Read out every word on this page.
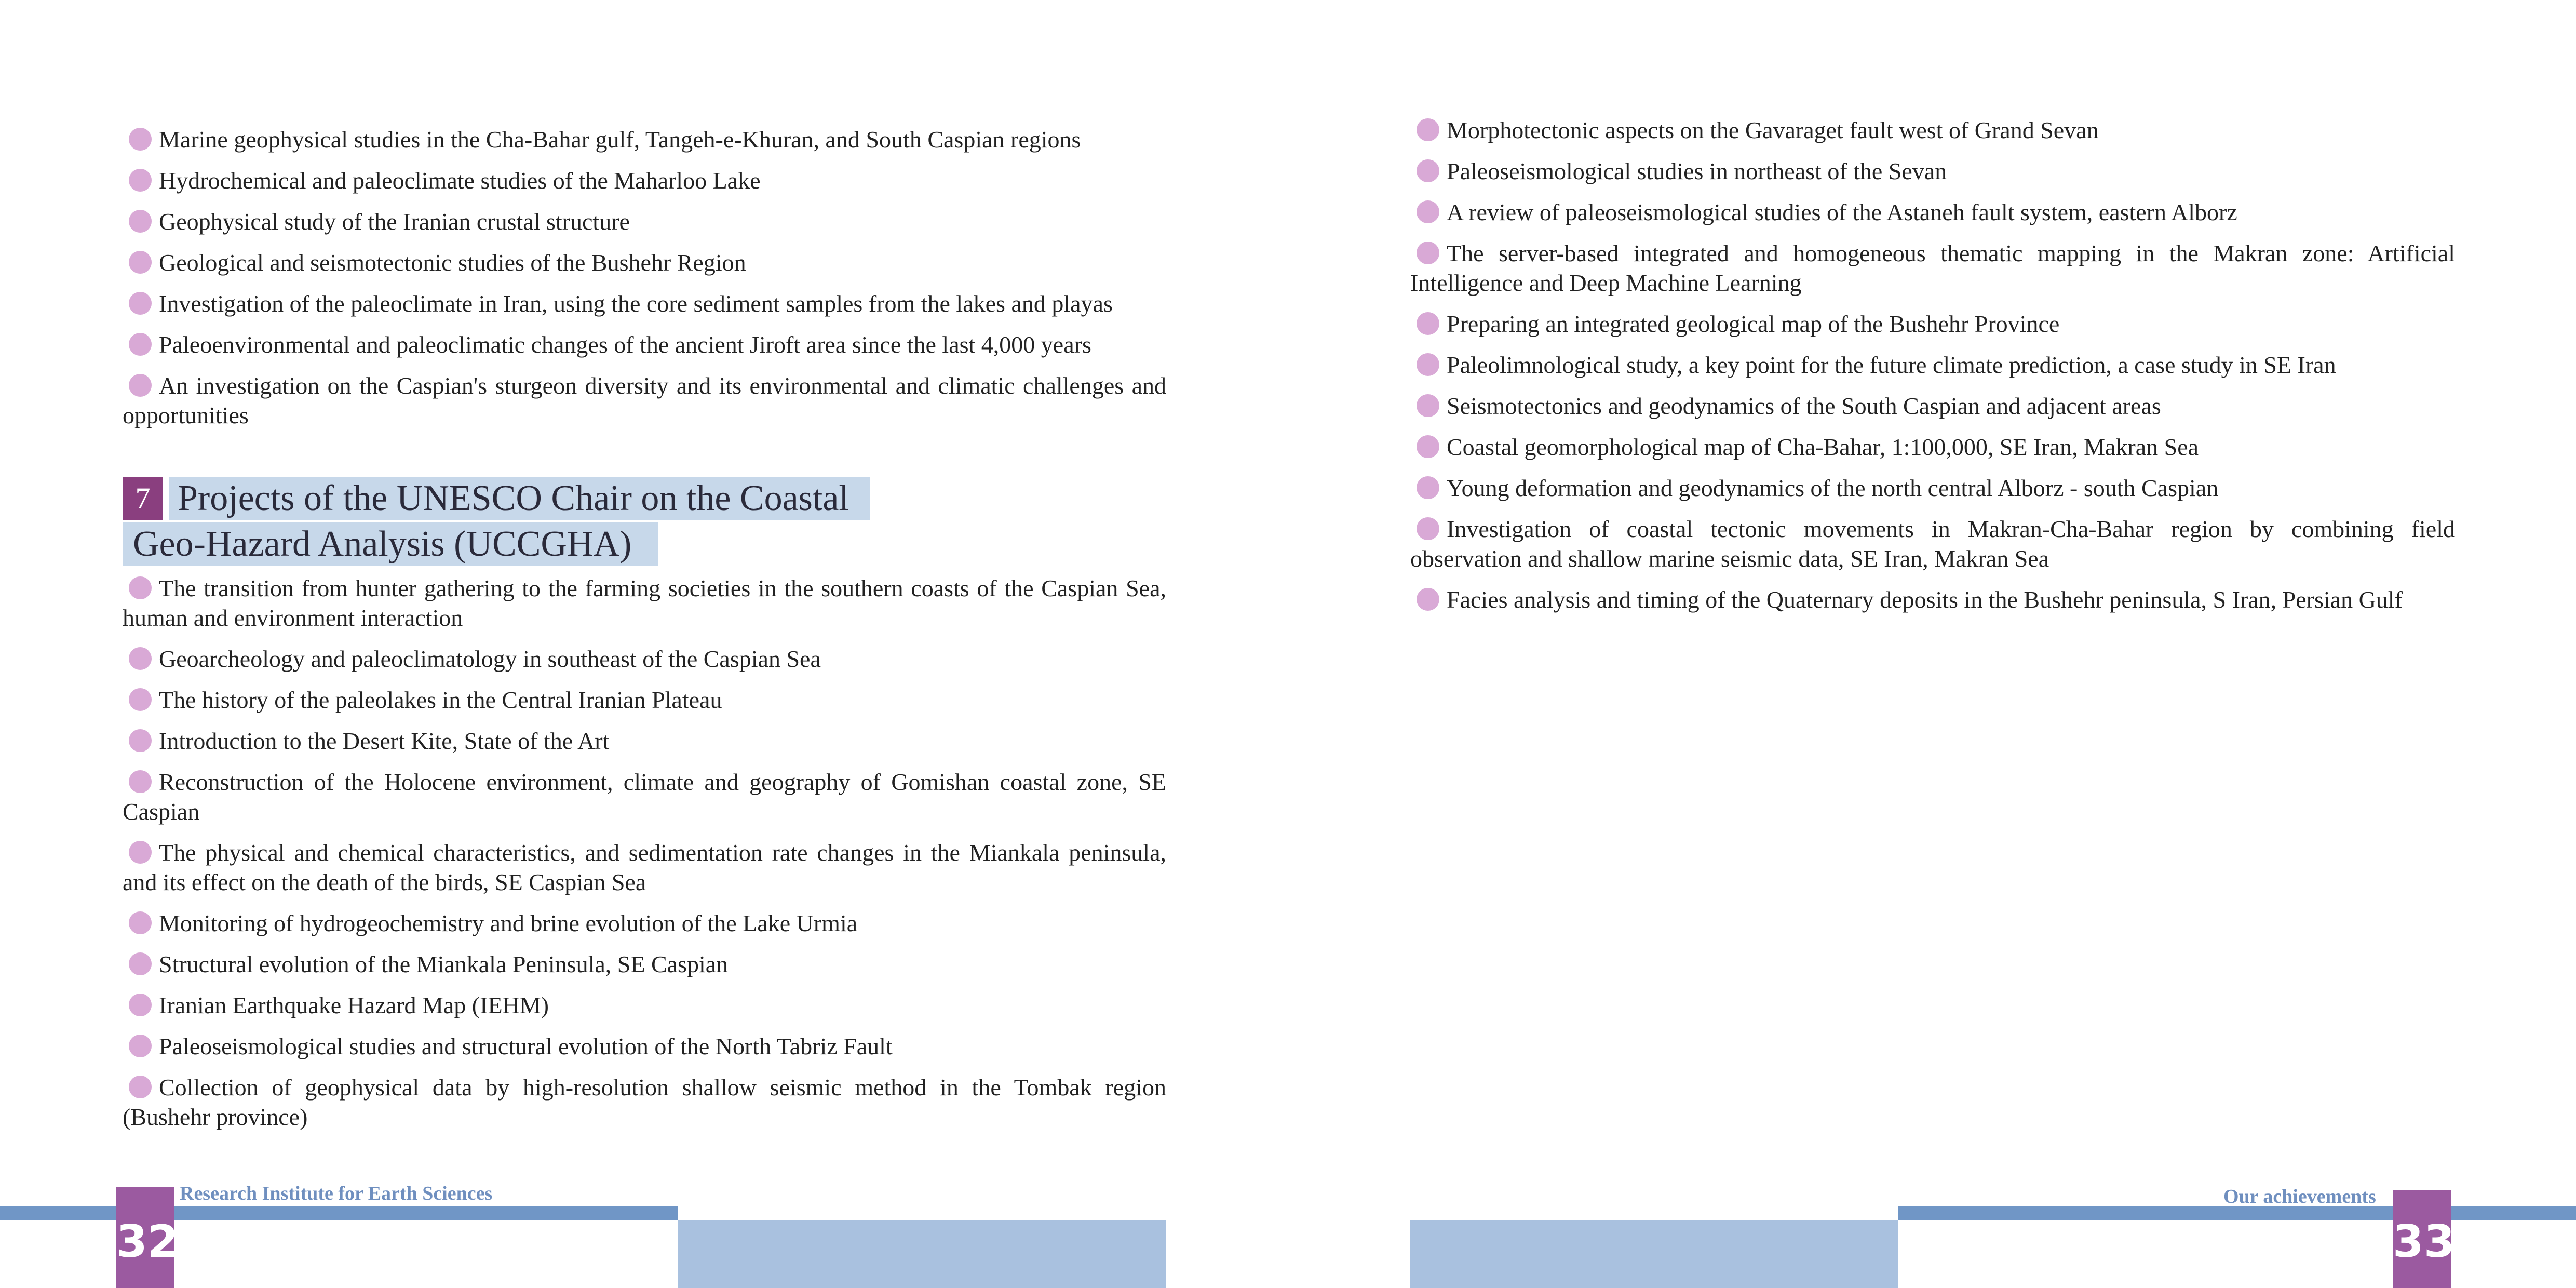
Marine geophysical studies in the Cha-Bahar gulf, Tangeh-e-Khuran, and South Caspian regions
Hydrochemical and paleoclimate studies of the Maharloo Lake
Geophysical study of the Iranian crustal structure
Geological and seismotectonic studies of the Bushehr Region
Investigation of the paleoclimate in Iran, using the core sediment samples from the lakes and playas
Paleoenvironmental and paleoclimatic changes of the ancient Jiroft area since the last 4,000 years
An investigation on the Caspian's sturgeon diversity and its environmental and climatic challenges and opportunities
7 Projects of the UNESCO Chair on the Coastal
Geo-Hazard Analysis (UCCGHA)
The transition from hunter gathering to the farming societies in the southern coasts of the Caspian Sea, human and environment interaction
Geoarcheology and paleoclimatology in southeast of the Caspian Sea
The history of the paleolakes in the Central Iranian Plateau
Introduction to the Desert Kite, State of the Art
Reconstruction of the Holocene environment, climate and geography of Gomishan coastal zone, SE Caspian
The physical and chemical characteristics, and sedimentation rate changes in the Miankala peninsula, and its effect on the death of the birds, SE Caspian Sea
Monitoring of hydrogeochemistry and brine evolution of the Lake Urmia
Structural evolution of the Miankala Peninsula, SE Caspian
Iranian Earthquake Hazard Map (IEHM)
Paleoseismological studies and structural evolution of the North Tabriz Fault
Collection of geophysical data by high-resolution shallow seismic method in the Tombak region (Bushehr province)
Research Institute for Earth Sciences
32
Morphotectonic aspects on the Gavaraget fault west of Grand Sevan
Paleoseismological studies in northeast of the Sevan
A review of paleoseismological studies of the Astaneh fault system, eastern Alborz
The server-based integrated and homogeneous thematic mapping in the Makran zone: Artificial Intelligence and Deep Machine Learning
Preparing an integrated geological map of the Bushehr Province
Paleolimnological study, a key point for the future climate prediction, a case study in SE Iran
Seismotectonics and geodynamics of the South Caspian and adjacent areas
Coastal geomorphological map of Cha-Bahar, 1:100,000, SE Iran, Makran Sea
Young deformation and geodynamics of the north central Alborz - south Caspian
Investigation of coastal tectonic movements in Makran-Cha-Bahar region by combining field observation and shallow marine seismic data, SE Iran, Makran Sea
Facies analysis and timing of the Quaternary deposits in the Bushehr peninsula, S Iran, Persian Gulf
Our achievements
33
